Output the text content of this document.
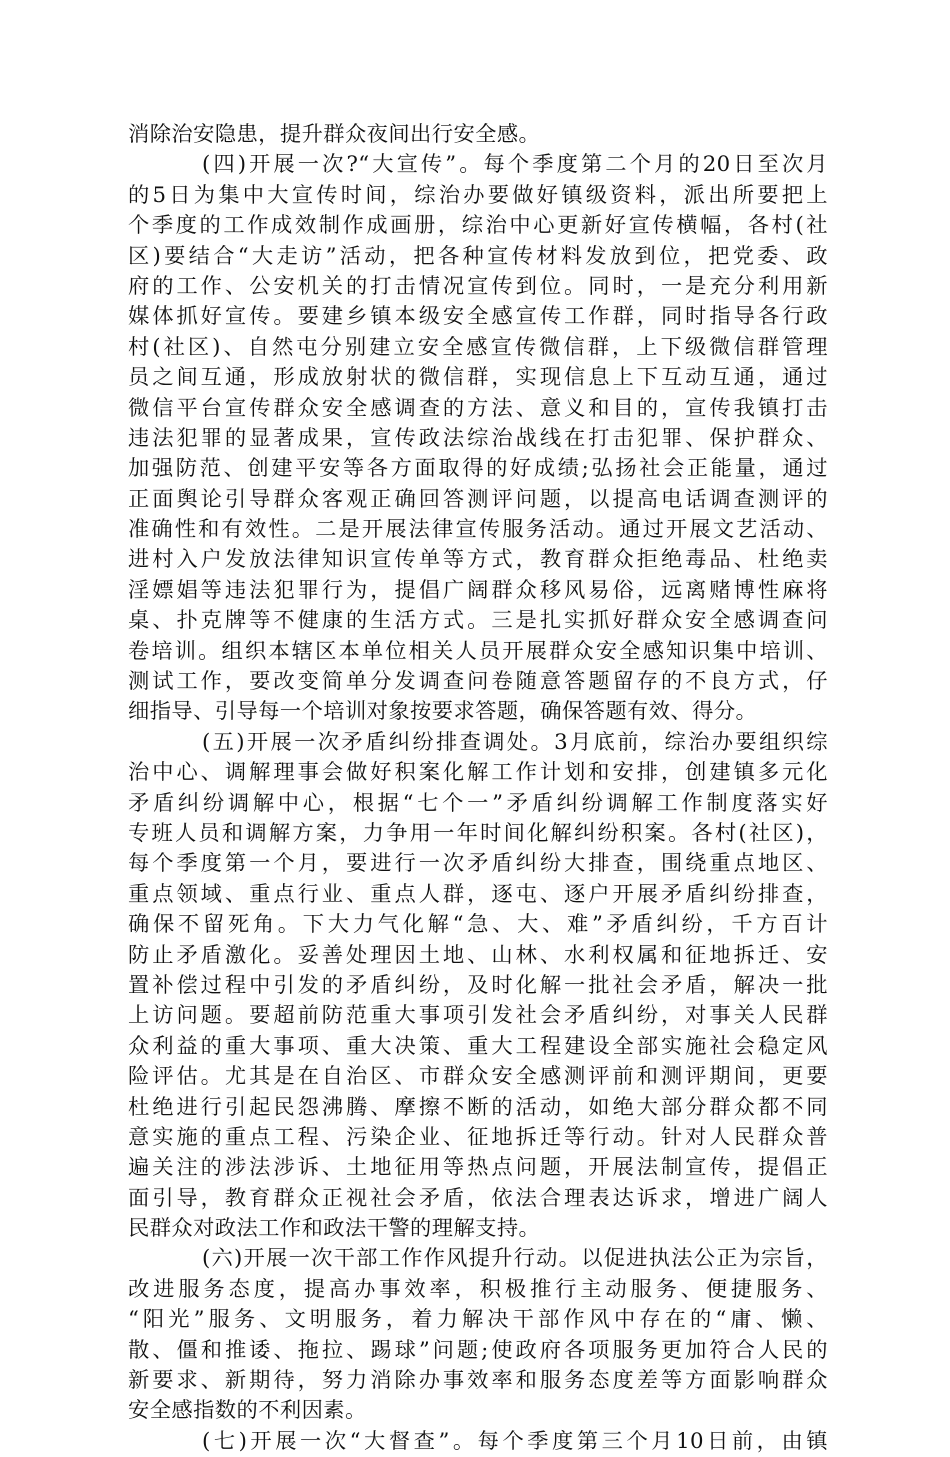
消除治安隐患，提升群众夜间出行安全感。
(四)开展一次?“大宣传”。每个季度第二个月的20日至次月
的5日为集中大宣传时间，综治办要做好镇级资料，派出所要把上
个季度的工作成效制作成画册，综治中心更新好宣传横幅，各村(社
区)要结合“大走访”活动，把各种宣传材料发放到位，把党委、政
府的工作、公安机关的打击情况宣传到位。同时，一是充分利用新
媒体抓好宣传。要建乡镇本级安全感宣传工作群，同时指导各行政
村(社区)、自然屯分别建立安全感宣传微信群，上下级微信群管理
员之间互通，形成放射状的微信群，实现信息上下互动互通，通过
微信平台宣传群众安全感调查的方法、意义和目的，宣传我镇打击
违法犯罪的显著成果，宣传政法综治战线在打击犯罪、保护群众、
加强防范、创建平安等各方面取得的好成绩;弘扬社会正能量，通过
正面舆论引导群众客观正确回答测评问题，以提高电话调查测评的
准确性和有效性。二是开展法律宣传服务活动。通过开展文艺活动、
进村入户发放法律知识宣传单等方式，教育群众拒绝毒品、杜绝卖
淫嫖娼等违法犯罪行为，提倡广阔群众移风易俗，远离赌博性麻将
桌、扑克牌等不健康的生活方式。三是扎实抓好群众安全感调查问
卷培训。组织本辖区本单位相关人员开展群众安全感知识集中培训、
测试工作，要改变简单分发调查问卷随意答题留存的不良方式，仔
细指导、引导每一个培训对象按要求答题，确保答题有效、得分。
(五)开展一次矛盾纠纷排查调处。3月底前，综治办要组织综
治中心、调解理事会做好积案化解工作计划和安排，创建镇多元化
矛盾纠纷调解中心，根据“七个一”矛盾纠纷调解工作制度落实好
专班人员和调解方案，力争用一年时间化解纠纷积案。各村(社区)，
每个季度第一个月，要进行一次矛盾纠纷大排查，围绕重点地区、
重点领域、重点行业、重点人群，逐屯、逐户开展矛盾纠纷排查，
确保不留死角。下大力气化解“急、大、难”矛盾纠纷，千方百计
防止矛盾激化。妥善处理因土地、山林、水利权属和征地拆迁、安
置补偿过程中引发的矛盾纠纷，及时化解一批社会矛盾，解决一批
上访问题。要超前防范重大事项引发社会矛盾纠纷，对事关人民群
众利益的重大事项、重大决策、重大工程建设全部实施社会稳定风
险评估。尤其是在自治区、市群众安全感测评前和测评期间，更要
杜绝进行引起民怨沸腾、摩擦不断的活动，如绝大部分群众都不同
意实施的重点工程、污染企业、征地拆迁等行动。针对人民群众普
遍关注的涉法涉诉、土地征用等热点问题，开展法制宣传，提倡正
面引导，教育群众正视社会矛盾，依法合理表达诉求，增进广阔人
民群众对政法工作和政法干警的理解支持。
(六)开展一次干部工作作风提升行动。以促进执法公正为宗旨，
改进服务态度，提高办事效率，积极推行主动服务、便捷服务、
“阳光”服务、文明服务，着力解决干部作风中存在的“庸、懒、
散、僵和推诿、拖拉、踢球”问题;使政府各项服务更加符合人民的
新要求、新期待，努力消除办事效率和服务态度差等方面影响群众
安全感指数的不利因素。
(七)开展一次“大督查”。每个季度第三个月10日前，由镇
